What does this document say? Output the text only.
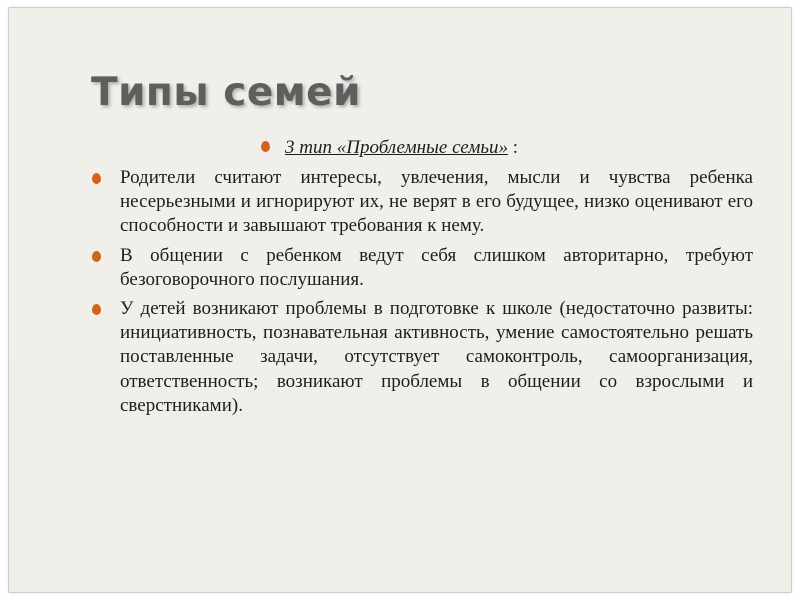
Типы семей
3 тип «Проблемные семьи» :
Родители считают интересы, увлечения, мысли и чувства ребенка несерьезными и игнорируют их, не верят в его будущее, низко оценивают его способности и завышают требования к нему.
В общении с ребенком ведут себя слишком авторитарно, требуют безоговорочного послушания.
У детей возникают проблемы в подготовке к школе (недостаточно развиты: инициативность, познавательная активность, умение самостоятельно решать поставленные задачи, отсутствует самоконтроль, самоорганизация, ответственность; возникают проблемы в общении со взрослыми и сверстниками).
